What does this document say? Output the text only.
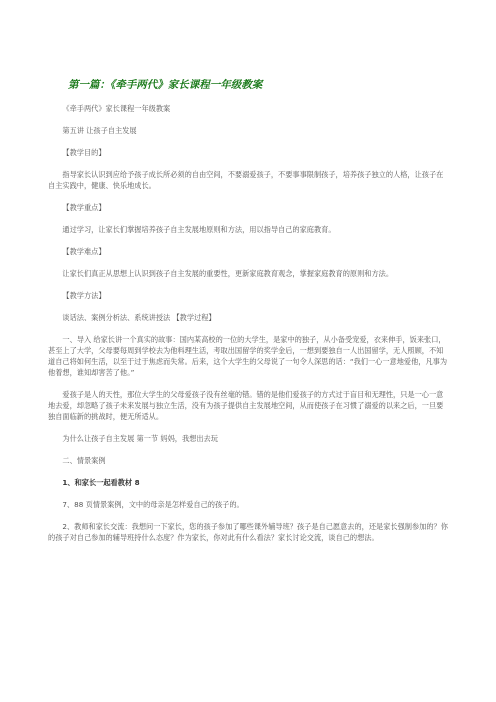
第一篇：《牵手两代》家长课程一年级教案

《牵手两代》家长课程一年级教案

第五讲 让孩子自主发展

【教学目的】

指导家长认识到应给予孩子成长所必须的自由空间，不要溺爱孩子，不要事事限制孩子，培养孩子独立的人格，让孩子在自主实践中，健康、快乐地成长。

【教学重点】

通过学习，让家长们掌握培养孩子自主发展地原则和方法，用以指导自己的家庭教育。

【教学难点】

让家长们真正从思想上认识到孩子自主发展的重要性，更新家庭教育观念，掌握家庭教育的原则和方法。

【教学方法】

谈话法、案例分析法、系统讲授法 【教学过程】

一、导入 给家长讲一个真实的故事：国内某高校的一位的大学生，是家中的独子，从小备受宠爱，衣来伸手，饭来张口，甚至上了大学，父母要每周到学校去为他料理生活，考取出国留学的奖学金后，一想到要独自一人出国留学，无人照顾，不知道自己将如何生活，以至于过于焦虑而失常。后来，这个大学生的父母说了一句令人深思的话：“我们一心一意地爱他，凡事为他着想，谁知却害苦了他。”

爱孩子是人的天性，那位大学生的父母爱孩子没有丝毫的错。错的是他们爱孩子的方式过于盲目和无理性，只是一心一意地去爱，却忽略了孩子未来发展与独立生活，没有为孩子提供自主发展地空间，从而使孩子在习惯了溺爱的以来之后，一旦要独自面临新的挑战时，便无所适从。

为什么让孩子自主发展 第一节 妈妈，我想出去玩

二、情景案例

1、和家长一起看教材 8

7、88 页情景案例，文中的母亲是怎样爱自己的孩子的。

2、教师和家长交流：我想问一下家长，您的孩子参加了哪些课外辅导班？孩子是自己愿意去的，还是家长强制参加的？你的孩子对自己参加的辅导班持什么态度？作为家长，你对此有什么看法？家长讨论交流，谈自己的想法。
